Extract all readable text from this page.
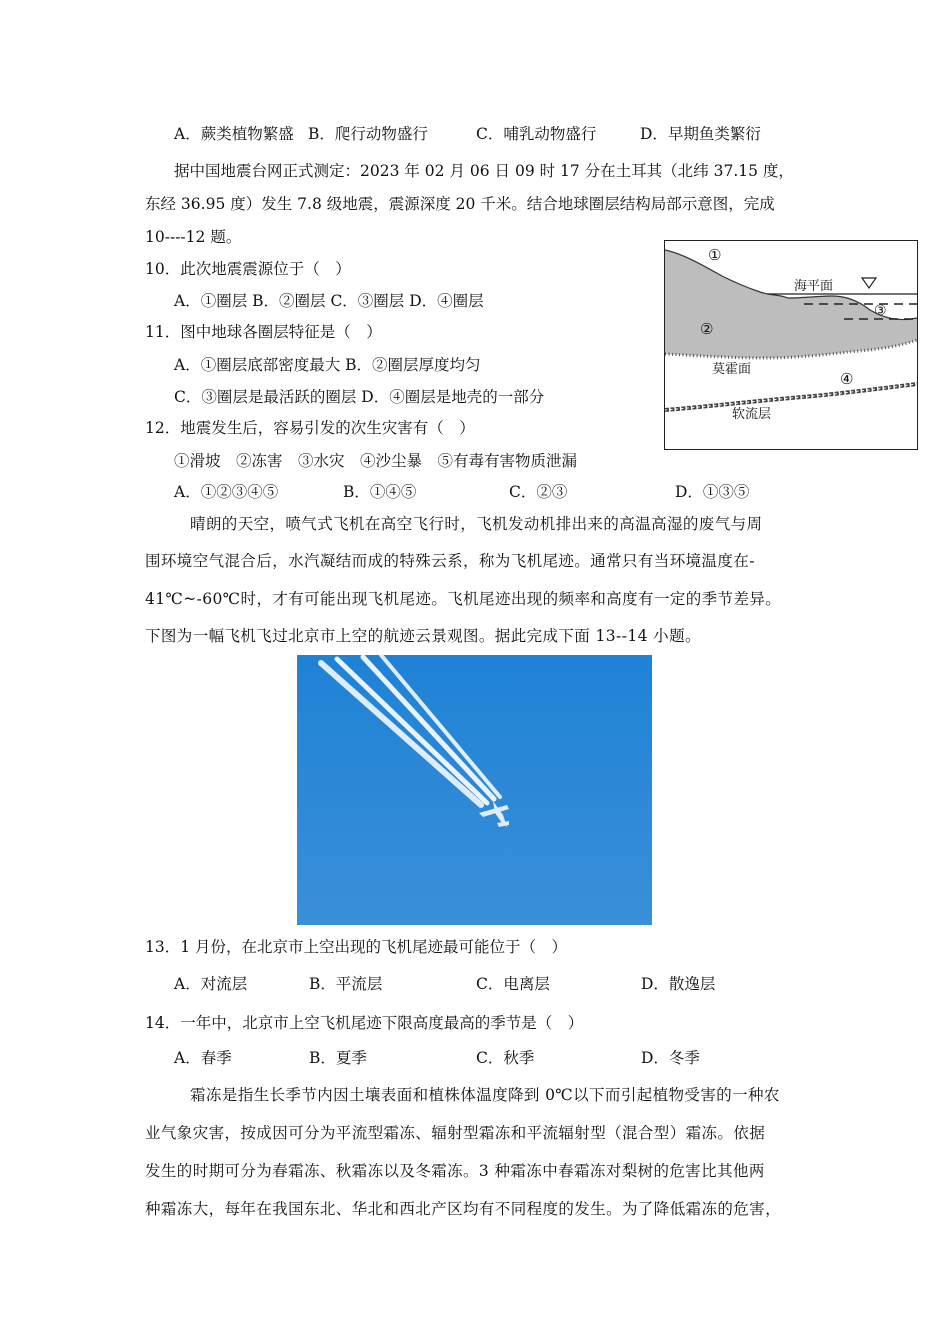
A．蕨类植物繁盛 B．爬行动物盛行	C．哺乳动物盛行	D．早期鱼类繁衍
据中国地震台网正式测定：2023 年 02 月 06 日 09 时 17 分在土耳其（北纬 37.15 度，
东经 36.95 度）发生 7.8 级地震，震源深度 20 千米。结合地球圈层结构局部示意图，完成
10----12 题。
10．此次地震震源位于（　）
A．①圈层 B．②圈层 C．③圈层 D．④圈层
11．图中地球各圈层特征是（　）
A．①圈层底部密度最大 B．②圈层厚度均匀
C．③圈层是最活跃的圈层 D．④圈层是地壳的一部分
12．地震发生后，容易引发的次生灾害有（　）
①滑坡　②冻害　③水灾　④沙尘暴　⑤有毒有害物质泄漏
A．①②③④⑤	B．①④⑤	C．②③	D．①③⑤
①
②
③
④
海平面
莫霍面
软流层
晴朗的天空，喷气式飞机在高空飞行时，飞机发动机排出来的高温高湿的废气与周
围环境空气混合后，水汽凝结而成的特殊云系，称为飞机尾迹。通常只有当环境温度在-
41℃~-60℃时，才有可能出现飞机尾迹。飞机尾迹出现的频率和高度有一定的季节差异。
下图为一幅飞机飞过北京市上空的航迹云景观图。据此完成下面 13--14 小题。
13．1 月份，在北京市上空出现的飞机尾迹最可能位于（　）
A．对流层	B．平流层	C．电离层	D．散逸层
14．一年中，北京市上空飞机尾迹下限高度最高的季节是（　）
A．春季	B．夏季	C．秋季	D．冬季
霜冻是指生长季节内因土壤表面和植株体温度降到 0℃以下而引起植物受害的一种农
业气象灾害，按成因可分为平流型霜冻、辐射型霜冻和平流辐射型（混合型）霜冻。依据
发生的时期可分为春霜冻、秋霜冻以及冬霜冻。3 种霜冻中春霜冻对梨树的危害比其他两
种霜冻大，每年在我国东北、华北和西北产区均有不同程度的发生。为了降低霜冻的危害，
